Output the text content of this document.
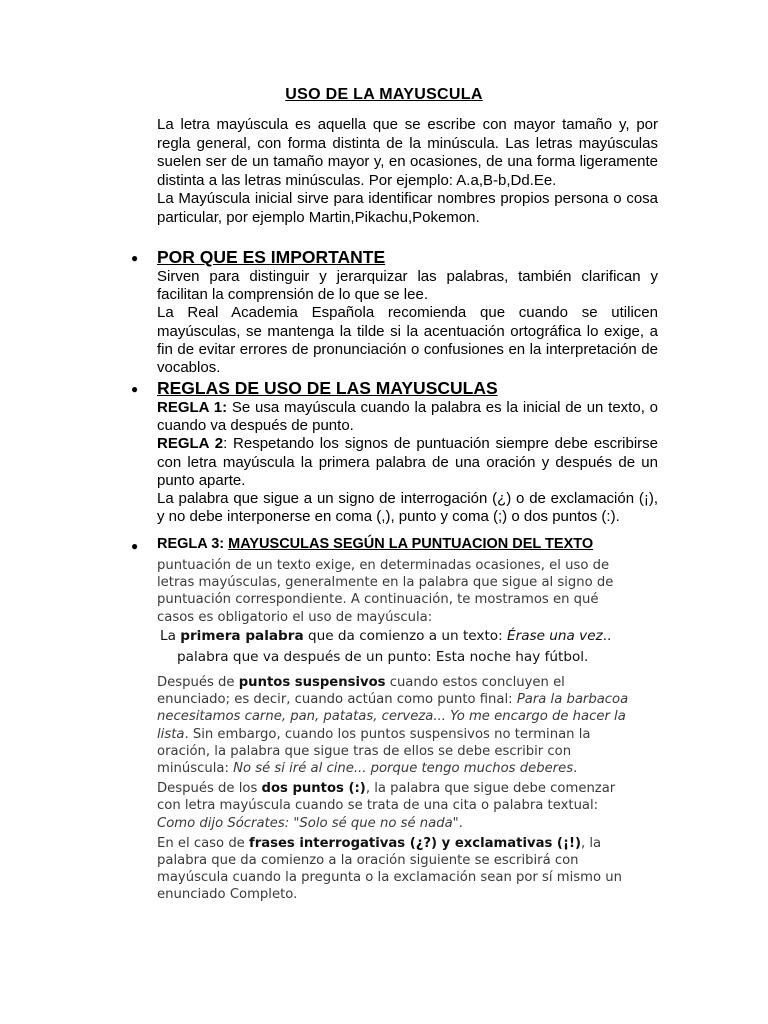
USO DE LA MAYUSCULA

La letra mayúscula es aquella que se escribe con mayor tamaño y, por regla general, con forma distinta de la minúscula. Las letras mayúsculas suelen ser de un tamaño mayor y, en ocasiones, de una forma ligeramente distinta a las letras minúsculas. Por ejemplo: A.a,B-b,Dd.Ee.

La Mayúscula inicial sirve para identificar nombres propios persona o cosa particular, por ejemplo Martin,Pikachu,Pokemon.

● POR QUE ES IMPORTANTE

Sirven para distinguir y jerarquizar las palabras, también clarifican y facilitan la comprensión de lo que se lee.

La Real Academia Española recomienda que cuando se utilicen mayúsculas, se mantenga la tilde si la acentuación ortográfica lo exige, a fin de evitar errores de pronunciación o confusiones en la interpretación de vocablos.

● REGLAS DE USO DE LAS MAYUSCULAS

REGLA 1: Se usa mayúscula cuando la palabra es la inicial de un texto, o cuando va después de punto.

REGLA 2: Respetando los signos de puntuación siempre debe escribirse con letra mayúscula la primera palabra de una oración y después de un punto aparte.

La palabra que sigue a un signo de interrogación (¿) o de exclamación (¡), y no debe interponerse en coma (,), punto y coma (;) o dos puntos (:).

● REGLA 3: MAYUSCULAS SEGÚN LA PUNTUACION DEL TEXTO
puntuación de un texto exige, en determinadas ocasiones, el uso de letras mayúsculas, generalmente en la palabra que sigue al signo de puntuación correspondiente. A continuación, te mostramos en qué casos es obligatorio el uso de mayúscula:
La primera palabra que da comienzo a un texto: Érase una vez..
palabra que va después de un punto: Esta noche hay fútbol.

Después de puntos suspensivos cuando estos concluyen el enunciado; es decir, cuando actúan como punto final: Para la barbacoa necesitamos carne, pan, patatas, cerveza... Yo me encargo de hacer la lista. Sin embargo, cuando los puntos suspensivos no terminan la oración, la palabra que sigue tras de ellos se debe escribir con minúscula: No sé si iré al cine... porque tengo muchos deberes.

Después de los dos puntos (:), la palabra que sigue debe comenzar con letra mayúscula cuando se trata de una cita o palabra textual: Como dijo Sócrates: "Solo sé que no sé nada".

En el caso de frases interrogativas (¿?) y exclamativas (¡!), la palabra que da comienzo a la oración siguiente se escribirá con mayúscula cuando la pregunta o la exclamación sean por sí mismo un enunciado Completo.
